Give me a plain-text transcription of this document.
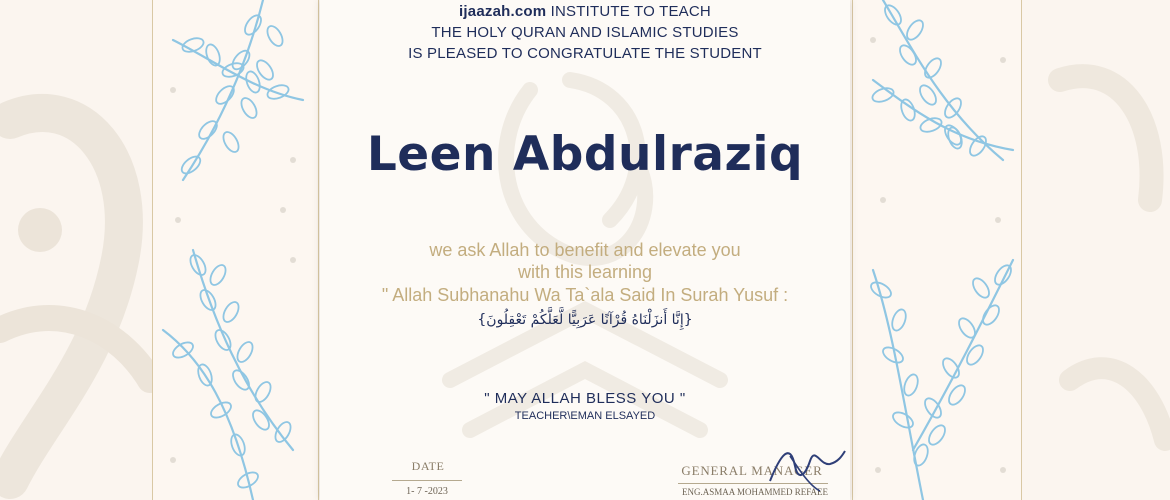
ijaazah.com INSTITUTE TO TEACH
THE HOLY QURAN AND ISLAMIC STUDIES
IS PLEASED TO CONGRATULATE THE STUDENT
Leen Abdulraziq
we ask Allah to benefit and elevate you
with this learning
" Allah Subhanahu Wa Ta`ala Said In Surah Yusuf :
{إِنَّا أَنزَلْنَاهُ قُرْآنًا عَرَبِيًّا لَّعَلَّكُمْ تَعْقِلُونَ}
" MAY ALLAH BLESS YOU "
TEACHER\EMAN ELSAYED
DATE
1- 7 -2023
GENERAL MANAGER
ENG.ASMAA MOHAMMED REFAEE
